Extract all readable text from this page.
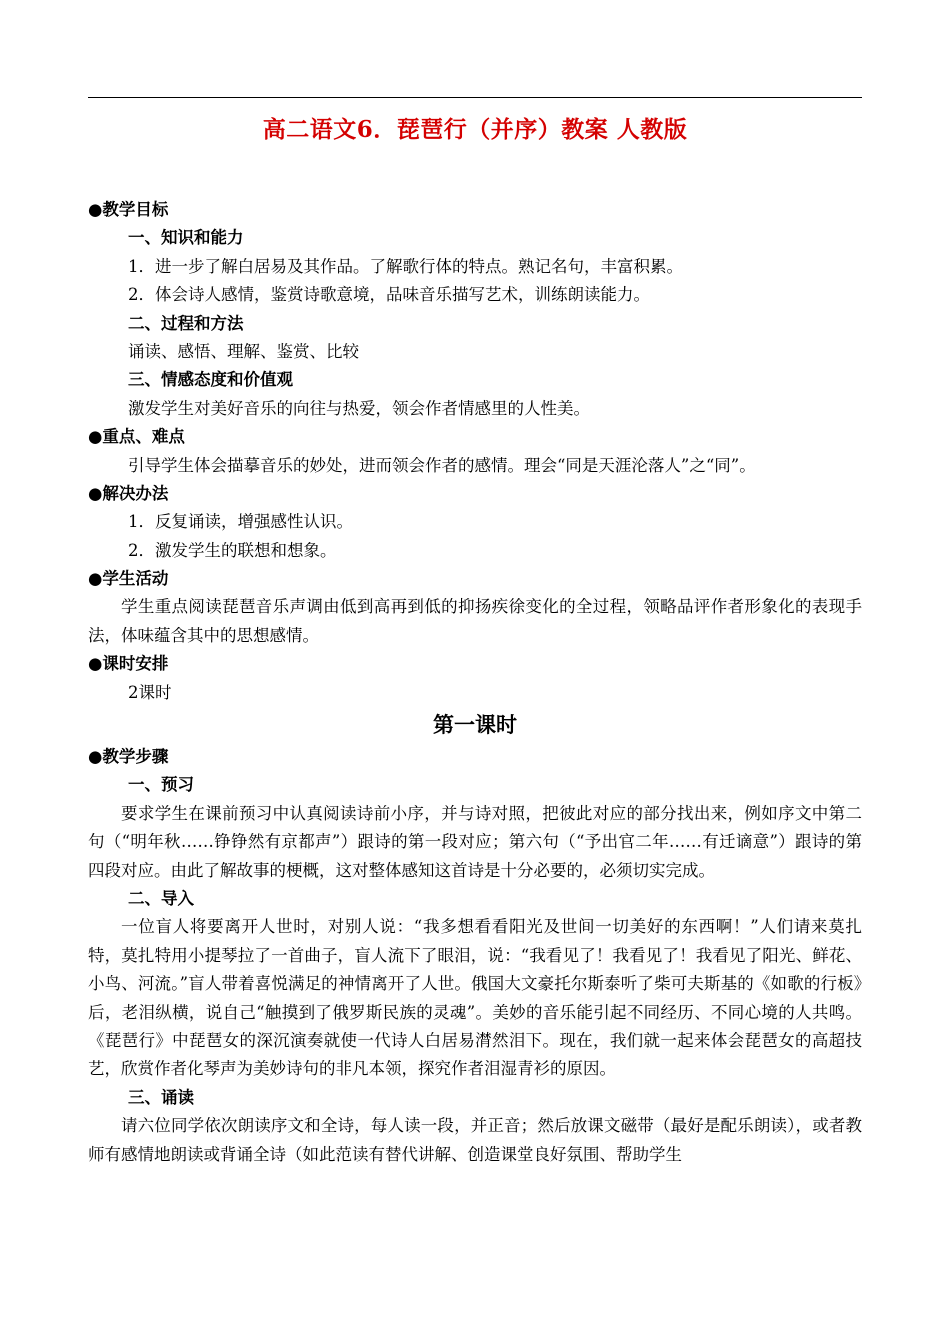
高二语文6．琵琶行（并序）教案 人教版
● 教学目标
一、知识和能力
1．进一步了解白居易及其作品。了解歌行体的特点。熟记名句，丰富积累。
2．体会诗人感情，鉴赏诗歌意境，品味音乐描写艺术，训练朗读能力。
二、过程和方法
诵读、感悟、理解、鉴赏、比较
三、情感态度和价值观
激发学生对美好音乐的向往与热爱，领会作者情感里的人性美。
● 重点、难点
引导学生体会描摹音乐的妙处，进而领会作者的感情。理会“同是天涯沦落人”之“同”。
● 解决办法
1．反复诵读，增强感性认识。
2．激发学生的联想和想象。
● 学生活动
学生重点阅读琵琶音乐声调由低到高再到低的抑扬疾徐变化的全过程，领略品评作者形象化的表现手法，体味蕴含其中的思想感情。
● 课时安排
2课时
第一课时
● 教学步骤
一、预习
要求学生在课前预习中认真阅读诗前小序，并与诗对照，把彼此对应的部分找出来，例如序文中第二句（“明年秋……铮铮然有京都声”）跟诗的第一段对应；第六句（“予出官二年……有迁谪意”）跟诗的第四段对应。由此了解故事的梗概，这对整体感知这首诗是十分必要的，必须切实完成。
二、导入
一位盲人将要离开人世时，对别人说：“我多想看看阳光及世间一切美好的东西啊！”人们请来莫扎特，莫扎特用小提琴拉了一首曲子，盲人流下了眼泪，说：“我看见了！我看见了！我看见了阳光、鲜花、小鸟、河流。”盲人带着喜悦满足的神情离开了人世。俄国大文豪托尔斯泰听了柴可夫斯基的《如歌的行板》后，老泪纵横，说自己“触摸到了俄罗斯民族的灵魂”。美妙的音乐能引起不同经历、不同心境的人共鸣。《琵琶行》中琵琶女的深沉演奏就使一代诗人白居易潸然泪下。现在，我们就一起来体会琵琶女的高超技艺，欣赏作者化琴声为美妙诗句的非凡本领，探究作者泪湿青衫的原因。
三、诵读
请六位同学依次朗读序文和全诗，每人读一段，并正音；然后放课文磁带（最好是配乐朗读），或者教师有感情地朗读或背诵全诗（如此范读有替代讲解、创造课堂良好氛围、帮助学生
